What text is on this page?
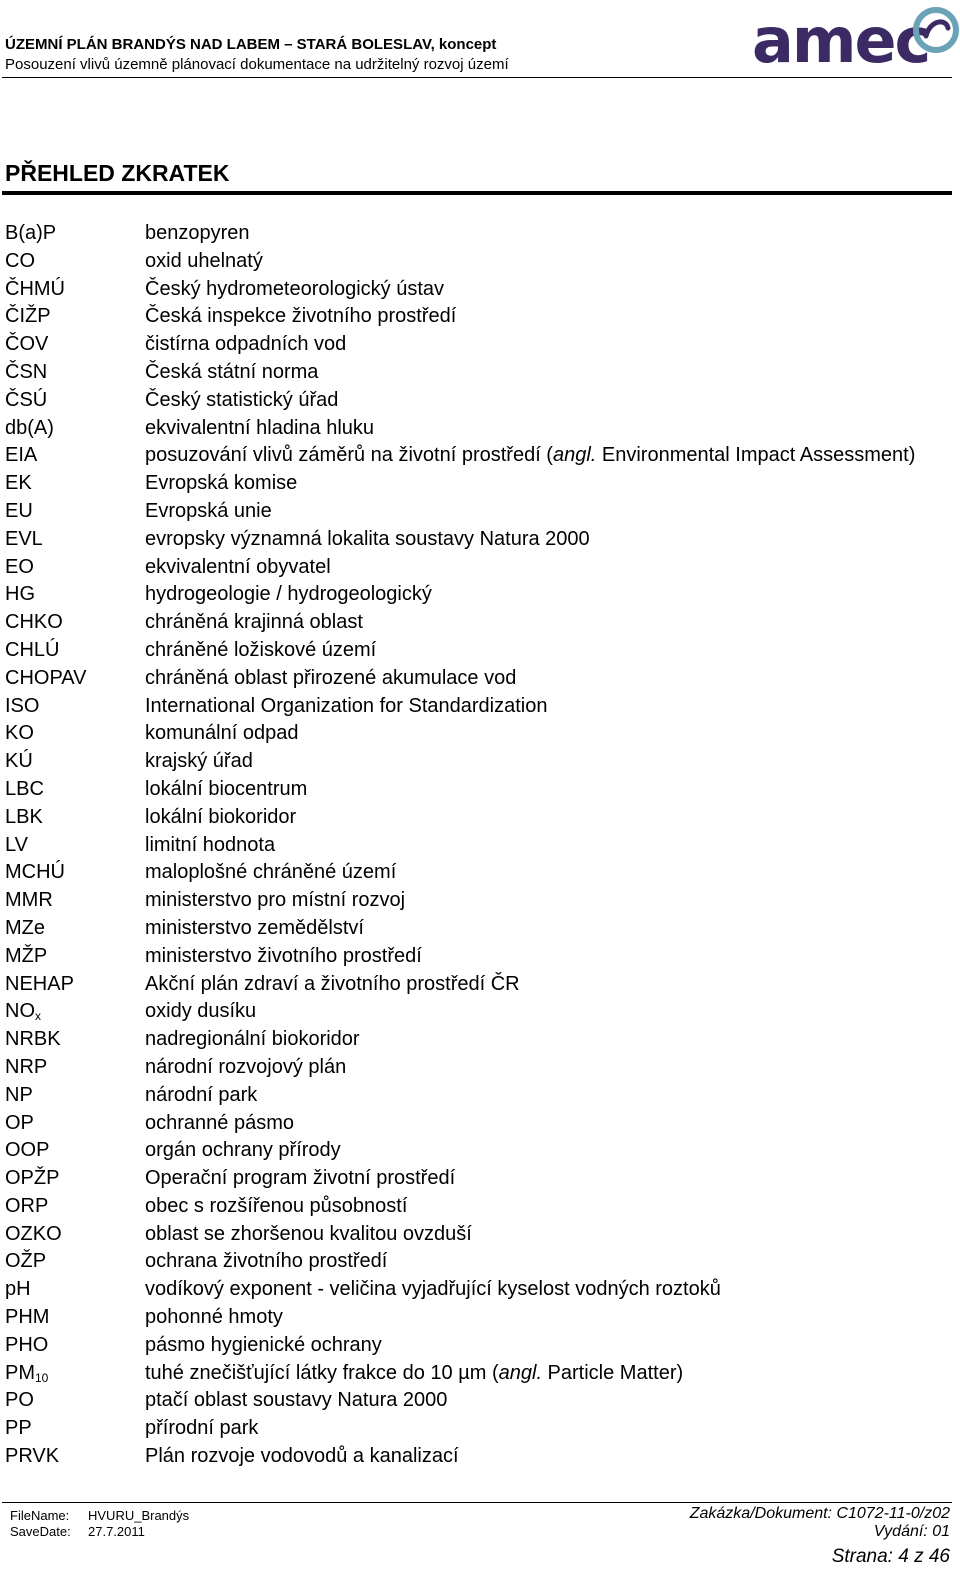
ÚZEMNÍ PLÁN BRANDÝS NAD LABEM – STARÁ BOLESLAV, koncept
Posouzení vlivů územně plánovací dokumentace na udržitelný rozvoj území	amec
PŘEHLED ZKRATEK
B(a)P	benzopyren
CO	oxid uhelnatý
ČHMÚ	Český hydrometeorologický ústav
ČIŽP	Česká inspekce životního prostředí
ČOV	čistírna odpadních vod
ČSN	Česká státní norma
ČSÚ	Český statistický úřad
db(A)	ekvivalentní hladina hluku
EIA	posuzování vlivů záměrů na životní prostředí (angl. Environmental Impact Assessment)
EK	Evropská komise
EU	Evropská unie
EVL	evropsky významná lokalita soustavy Natura 2000
EO	ekvivalentní obyvatel
HG	hydrogeologie / hydrogeologický
CHKO	chráněná krajinná oblast
CHLÚ	chráněné ložiskové území
CHOPAV	chráněná oblast přirozené akumulace vod
ISO	International Organization for Standardization
KO	komunální odpad
KÚ	krajský úřad
LBC	lokální biocentrum
LBK	lokální biokoridor
LV	limitní hodnota
MCHÚ	maloplošné chráněné území
MMR	ministerstvo pro místní rozvoj
MZe	ministerstvo zemědělství
MŽP	ministerstvo životního prostředí
NEHAP	Akční plán zdraví a životního prostředí ČR
$NO_x$	oxidy dusíku
NRBK	nadregionální biokoridor
NRP	národní rozvojový plán
NP	národní park
OP	ochranné pásmo
OOP	orgán ochrany přírody
OPŽP	Operační program životní prostředí
ORP	obec s rozšířenou působností
OZKO	oblast se zhoršenou kvalitou ovzduší
OŽP	ochrana životního prostředí
pH	vodíkový exponent - veličina vyjadřující kyselost vodných roztoků
PHM	pohonné hmoty
PHO	pásmo hygienické ochrany
$PM_{10}$	tuhé znečišťující látky frakce do 10 µm (angl. Particle Matter)
PO	ptačí oblast soustavy Natura 2000
PP	přírodní park
PRVK	Plán rozvoje vodovodů a kanalizací
FileName: HVURU_Brandýs
SaveDate: 27.7.2011
Zakázka/Dokument: C1072-11-0/z02
Vydání: 01
Strana: 4 z 46
